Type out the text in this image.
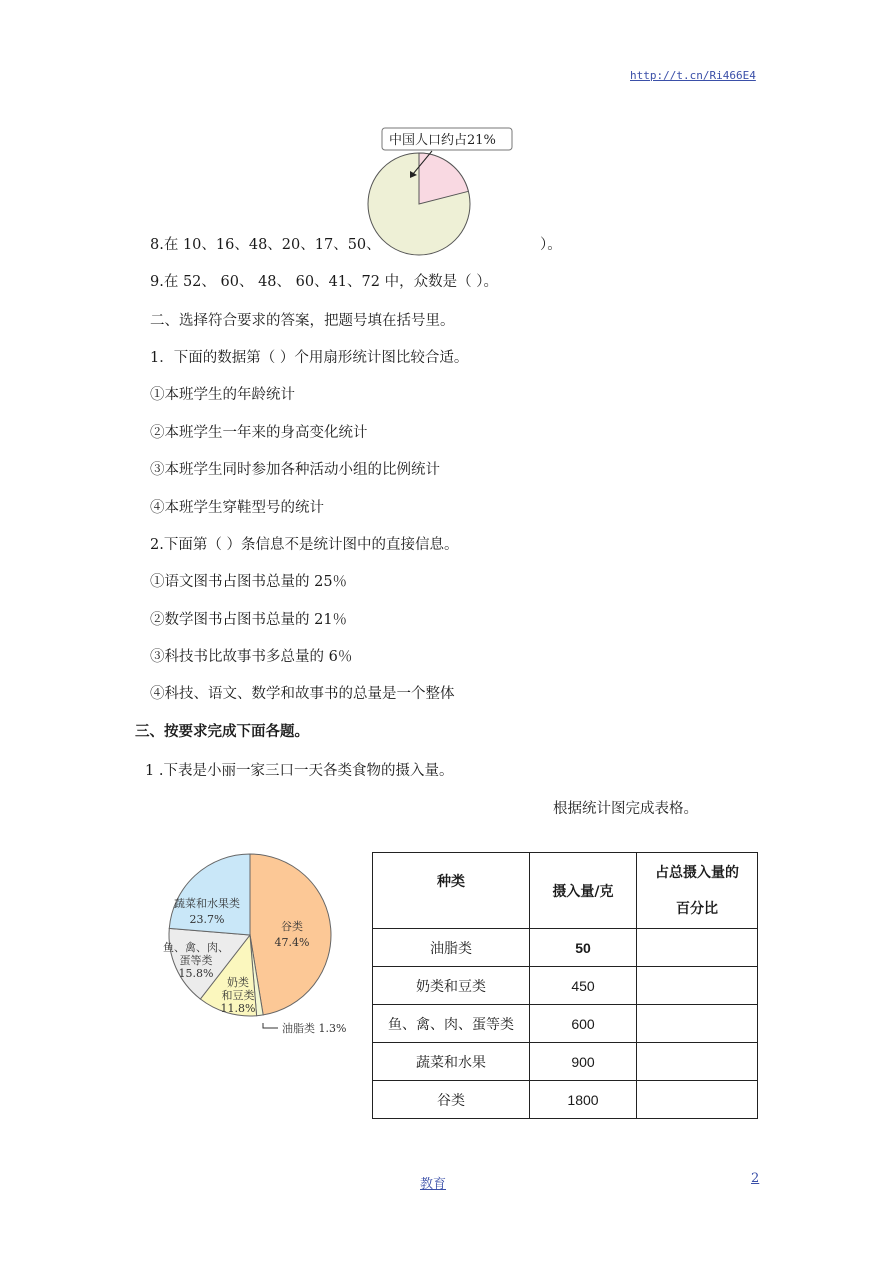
http://t.cn/Ri466E4
中国人口约占21%
8.在 10、16、48、20、17、50、	）。
9.在 52、 60、 48、 60、41、72 中，众数是（ ）。
二、选择符合要求的答案，把题号填在括号里。
1．下面的数据第（ ）个用扇形统计图比较合适。
①本班学生的年龄统计
②本班学生一年来的身高变化统计
③本班学生同时参加各种活动小组的比例统计
④本班学生穿鞋型号的统计
2.下面第（ ）条信息不是统计图中的直接信息。
①语文图书占图书总量的 25％
②数学图书占图书总量的 21％
③科技书比故事书多总量的 6％
④科技、语文、数学和故事书的总量是一个整体
三、按要求完成下面各题。
1 .下表是小丽一家三口一天各类食物的摄入量。
根据统计图完成表格。
谷类
47.4%
油脂类 1.3%
奶类
和豆类
11.8%
鱼、禽、肉、
蛋等类
15.8%
蔬菜和水果类
23.7%
种类	摄入量/克	占总摄入量的
百分比

油脂类	50	
奶类和豆类	450	
鱼、禽、肉、蛋等类	600	
蔬菜和水果	900	
谷类	1800	
教育	2
